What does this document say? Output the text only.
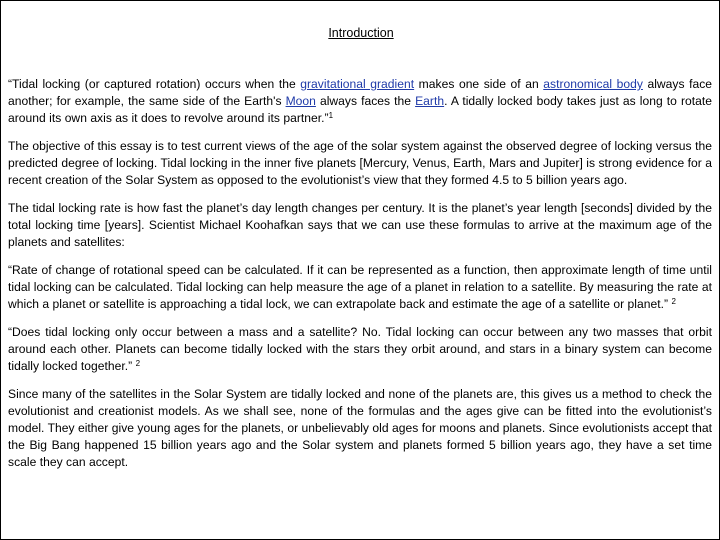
Introduction

“Tidal locking (or captured rotation) occurs when the gravitational gradient makes one side of an astronomical body always face another; for example, the same side of the Earth's Moon always faces the Earth. A tidally locked body takes just as long to rotate around its own axis as it does to revolve around its partner.”$^1$

The objective of this essay is to test current views of the age of the solar system against the observed degree of locking versus the predicted degree of locking. Tidal locking in the inner five planets [Mercury, Venus, Earth, Mars and Jupiter] is strong evidence for a recent creation of the Solar System as opposed to the evolutionist’s view that they formed 4.5 to 5 billion years ago.

The tidal locking rate is how fast the planet’s day length changes per century. It is the planet’s year length [seconds] divided by the total locking time [years]. Scientist Michael Koohafkan says that we can use these formulas to arrive at the maximum age of the planets and satellites:

“Rate of change of rotational speed can be calculated. If it can be represented as a function, then approximate length of time until tidal locking can be calculated. Tidal locking can help measure the age of a planet in relation to a satellite. By measuring the rate at which a planet or satellite is approaching a tidal lock, we can extrapolate back and estimate the age of a satellite or planet.” $^2$

“Does tidal locking only occur between a mass and a satellite? No. Tidal locking can occur between any two masses that orbit around each other. Planets can become tidally locked with the stars they orbit around, and stars in a binary system can become tidally locked together.” $^2$

Since many of the satellites in the Solar System are tidally locked and none of the planets are, this gives us a method to check the evolutionist and creationist models. As we shall see, none of the formulas and the ages give can be fitted into the evolutionist’s model. They either give young ages for the planets, or unbelievably old ages for moons and planets. Since evolutionists accept that the Big Bang happened 15 billion years ago and the Solar system and planets formed 5 billion years ago, they have a set time scale they can accept.
